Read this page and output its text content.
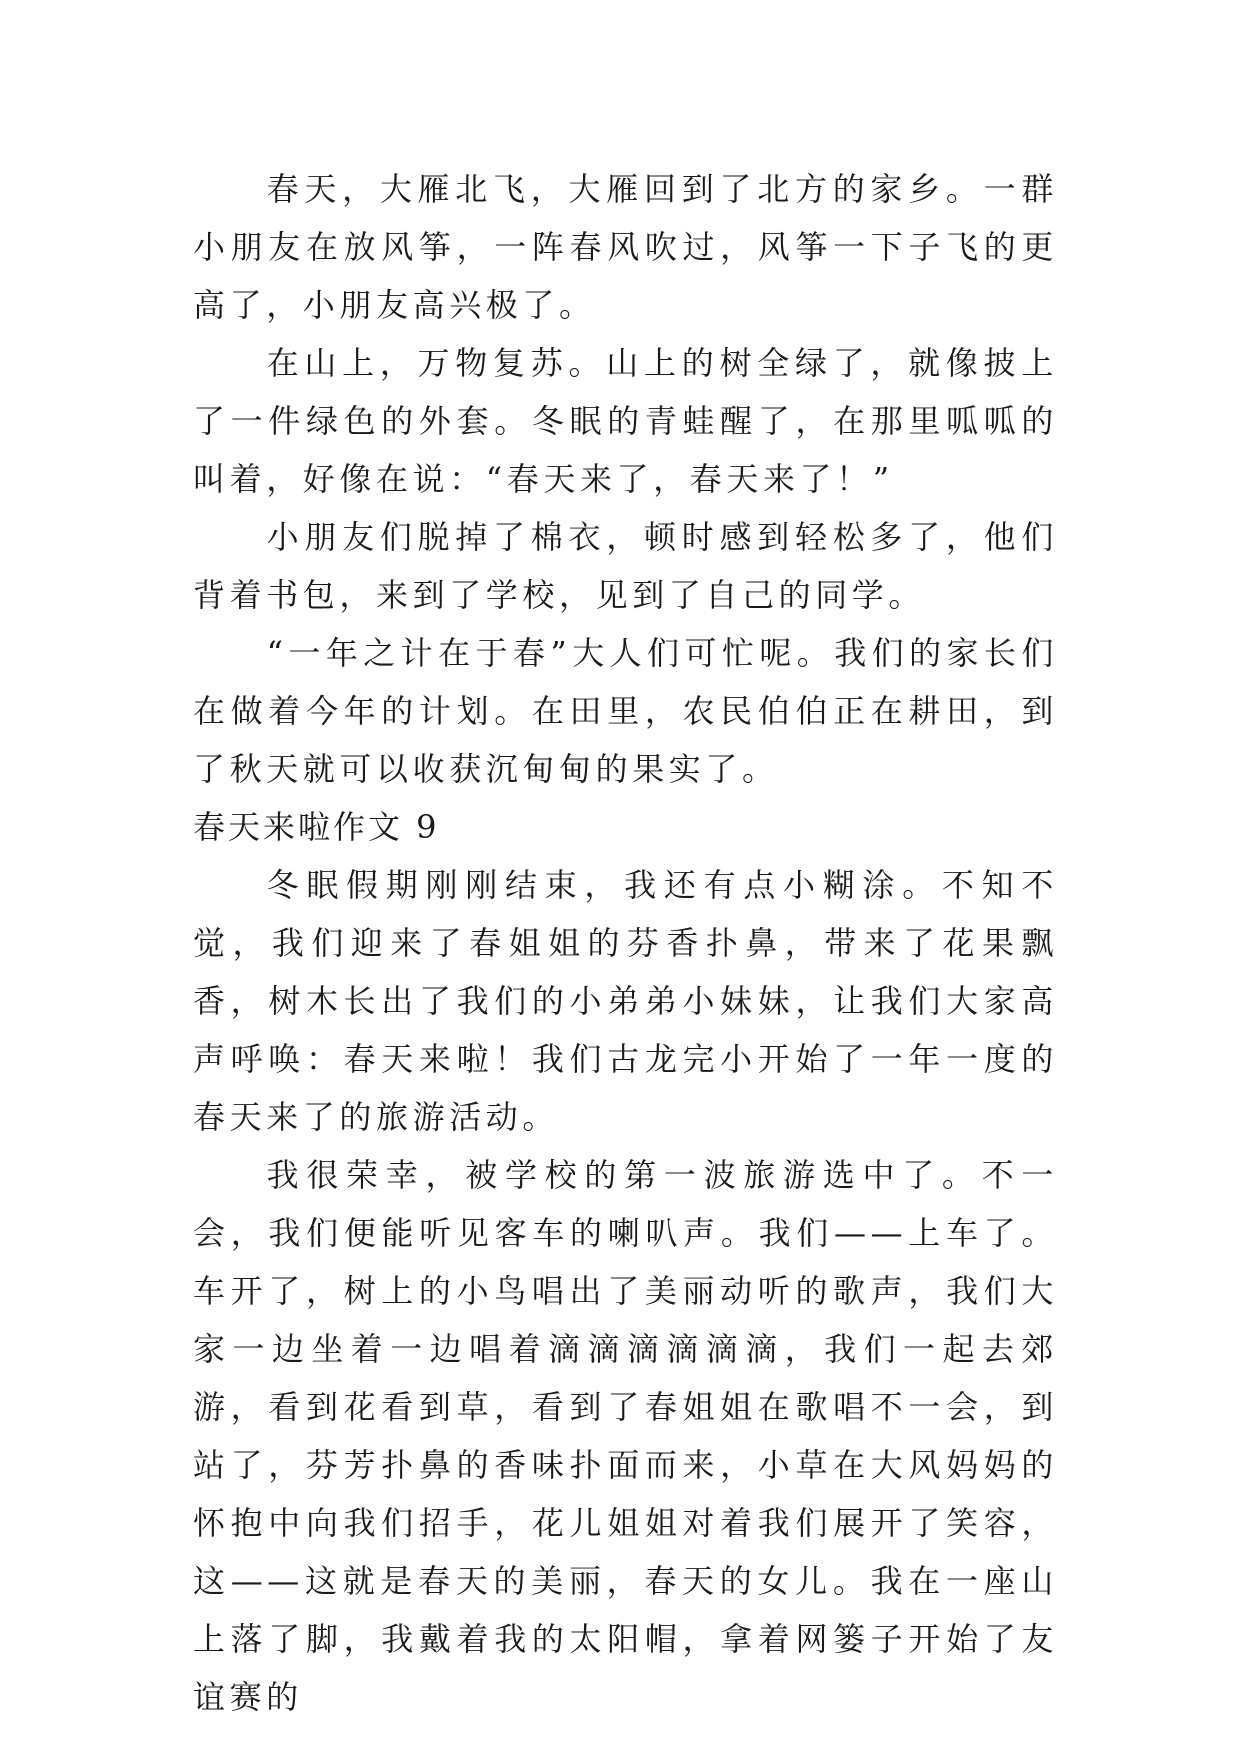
春天，大雁北飞，大雁回到了北方的家乡。一群小朋友在放风筝，一阵春风吹过，风筝一下子飞的更高了，小朋友高兴极了。

在山上，万物复苏。山上的树全绿了，就像披上了一件绿色的外套。冬眠的青蛙醒了，在那里呱呱的叫着，好像在说：“春天来了，春天来了！”

小朋友们脱掉了棉衣，顿时感到轻松多了，他们背着书包，来到了学校，见到了自己的同学。

“一年之计在于春”大人们可忙呢。我们的家长们在做着今年的计划。在田里，农民伯伯正在耕田，到了秋天就可以收获沉甸甸的果实了。

春天来啦作文 9

冬眠假期刚刚结束，我还有点小糊涂。不知不觉，我们迎来了春姐姐的芬香扑鼻，带来了花果飘香，树木长出了我们的小弟弟小妹妹，让我们大家高声呼唤：春天来啦！我们古龙完小开始了一年一度的春天来了的旅游活动。

我很荣幸，被学校的第一波旅游选中了。不一会，我们便能听见客车的喇叭声。我们——上车了。车开了，树上的小鸟唱出了美丽动听的歌声，我们大家一边坐着一边唱着滴滴滴滴滴滴，我们一起去郊游，看到花看到草，看到了春姐姐在歌唱不一会，到站了，芬芳扑鼻的香味扑面而来，小草在大风妈妈的怀抱中向我们招手，花儿姐姐对着我们展开了笑容，这——这就是春天的美丽，春天的女儿。我在一座山上落了脚，我戴着我的太阳帽，拿着网篓子开始了友谊赛的
